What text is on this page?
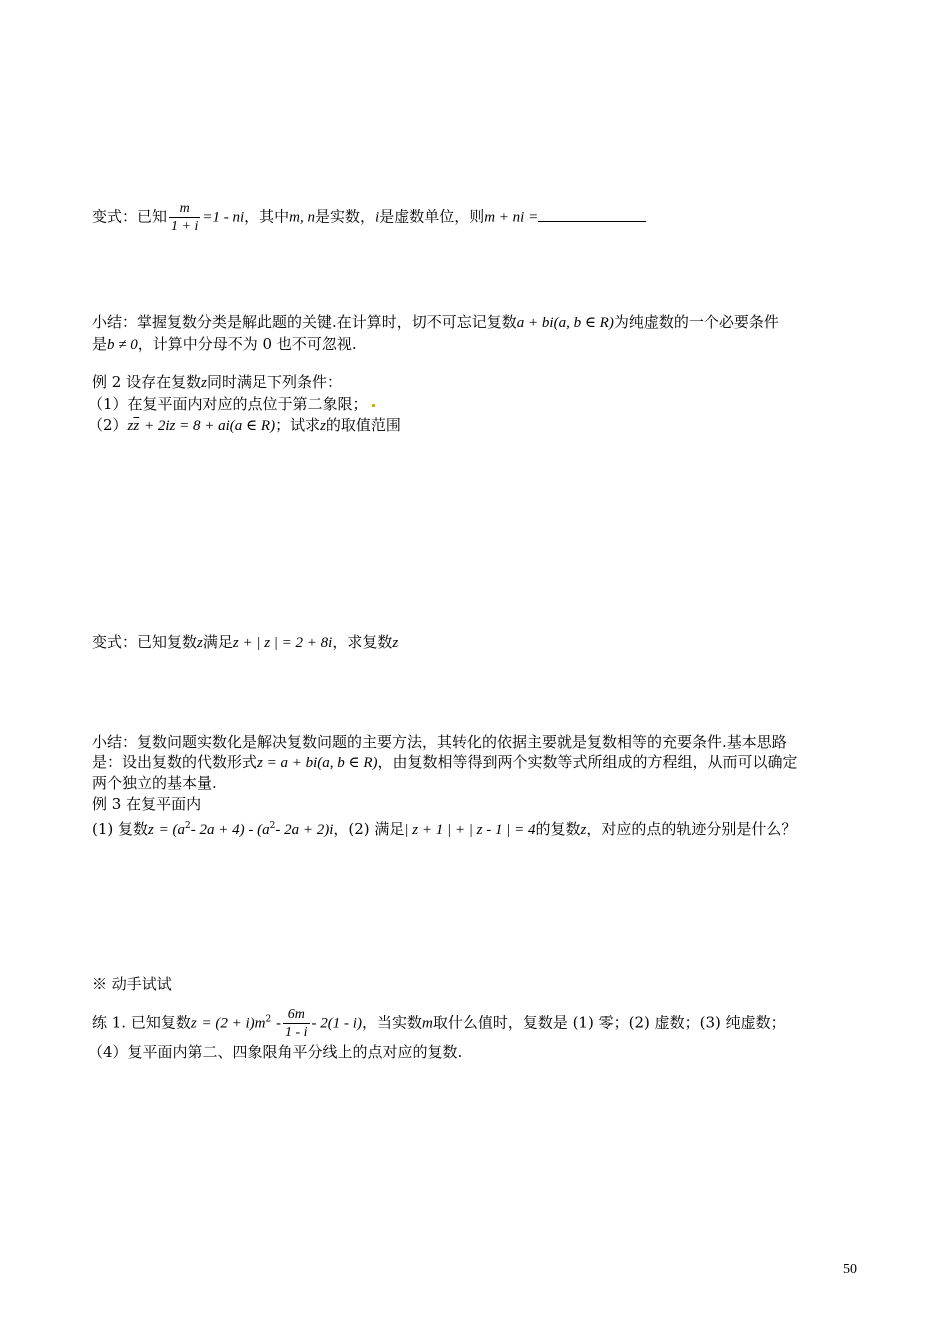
变式：已知 $\frac{m}{1 + i} =1$ - ni，其中m, n是实数，i是虚数单位，则m + ni =
小结：掌握复数分类是解此题的关键.在计算时，切不可忘记复数a + bi(a, b ∈ R)为纯虚数的一个必要条件
是b ≠ 0，计算中分母不为 0 也不可忽视.
例 2 设存在复数z同时满足下列条件：
（1）在复平面内对应的点位于第二象限；
$(2)z\overline{z} + 2iz = 8 + ai(a$ ∈ R)；试求z的取值范围
变式：已知复数z满足z + | z | = 2 + 8i，求复数z
小结：复数问题实数化是解决复数问题的主要方法，其转化的依据主要就是复数相等的充要条件.基本思路
是：设出复数的代数形式z = a + bi(a, b ∈ R)，由复数相等得到两个实数等式所组成的方程组，从而可以确定
两个独立的基本量.
例 3 在复平面内
(1) 复数$z = (a^2-$ $2a + 4) - (a^2-$ 2a + 2)i，(2) 满足| z + 1 | + | z - 1 | = 4的复数z，对应的点的轨迹分别是什么？
※ 动手试试
练 1. 已知复数$z = (2 + i)m^2 - \frac{6m}{1 - i} - 2(1 - i)$，当实数m取什么值时，复数是 (1) 零；(2) 虚数；(3) 纯虚数；
（4）复平面内第二、四象限角平分线上的点对应的复数.
50
